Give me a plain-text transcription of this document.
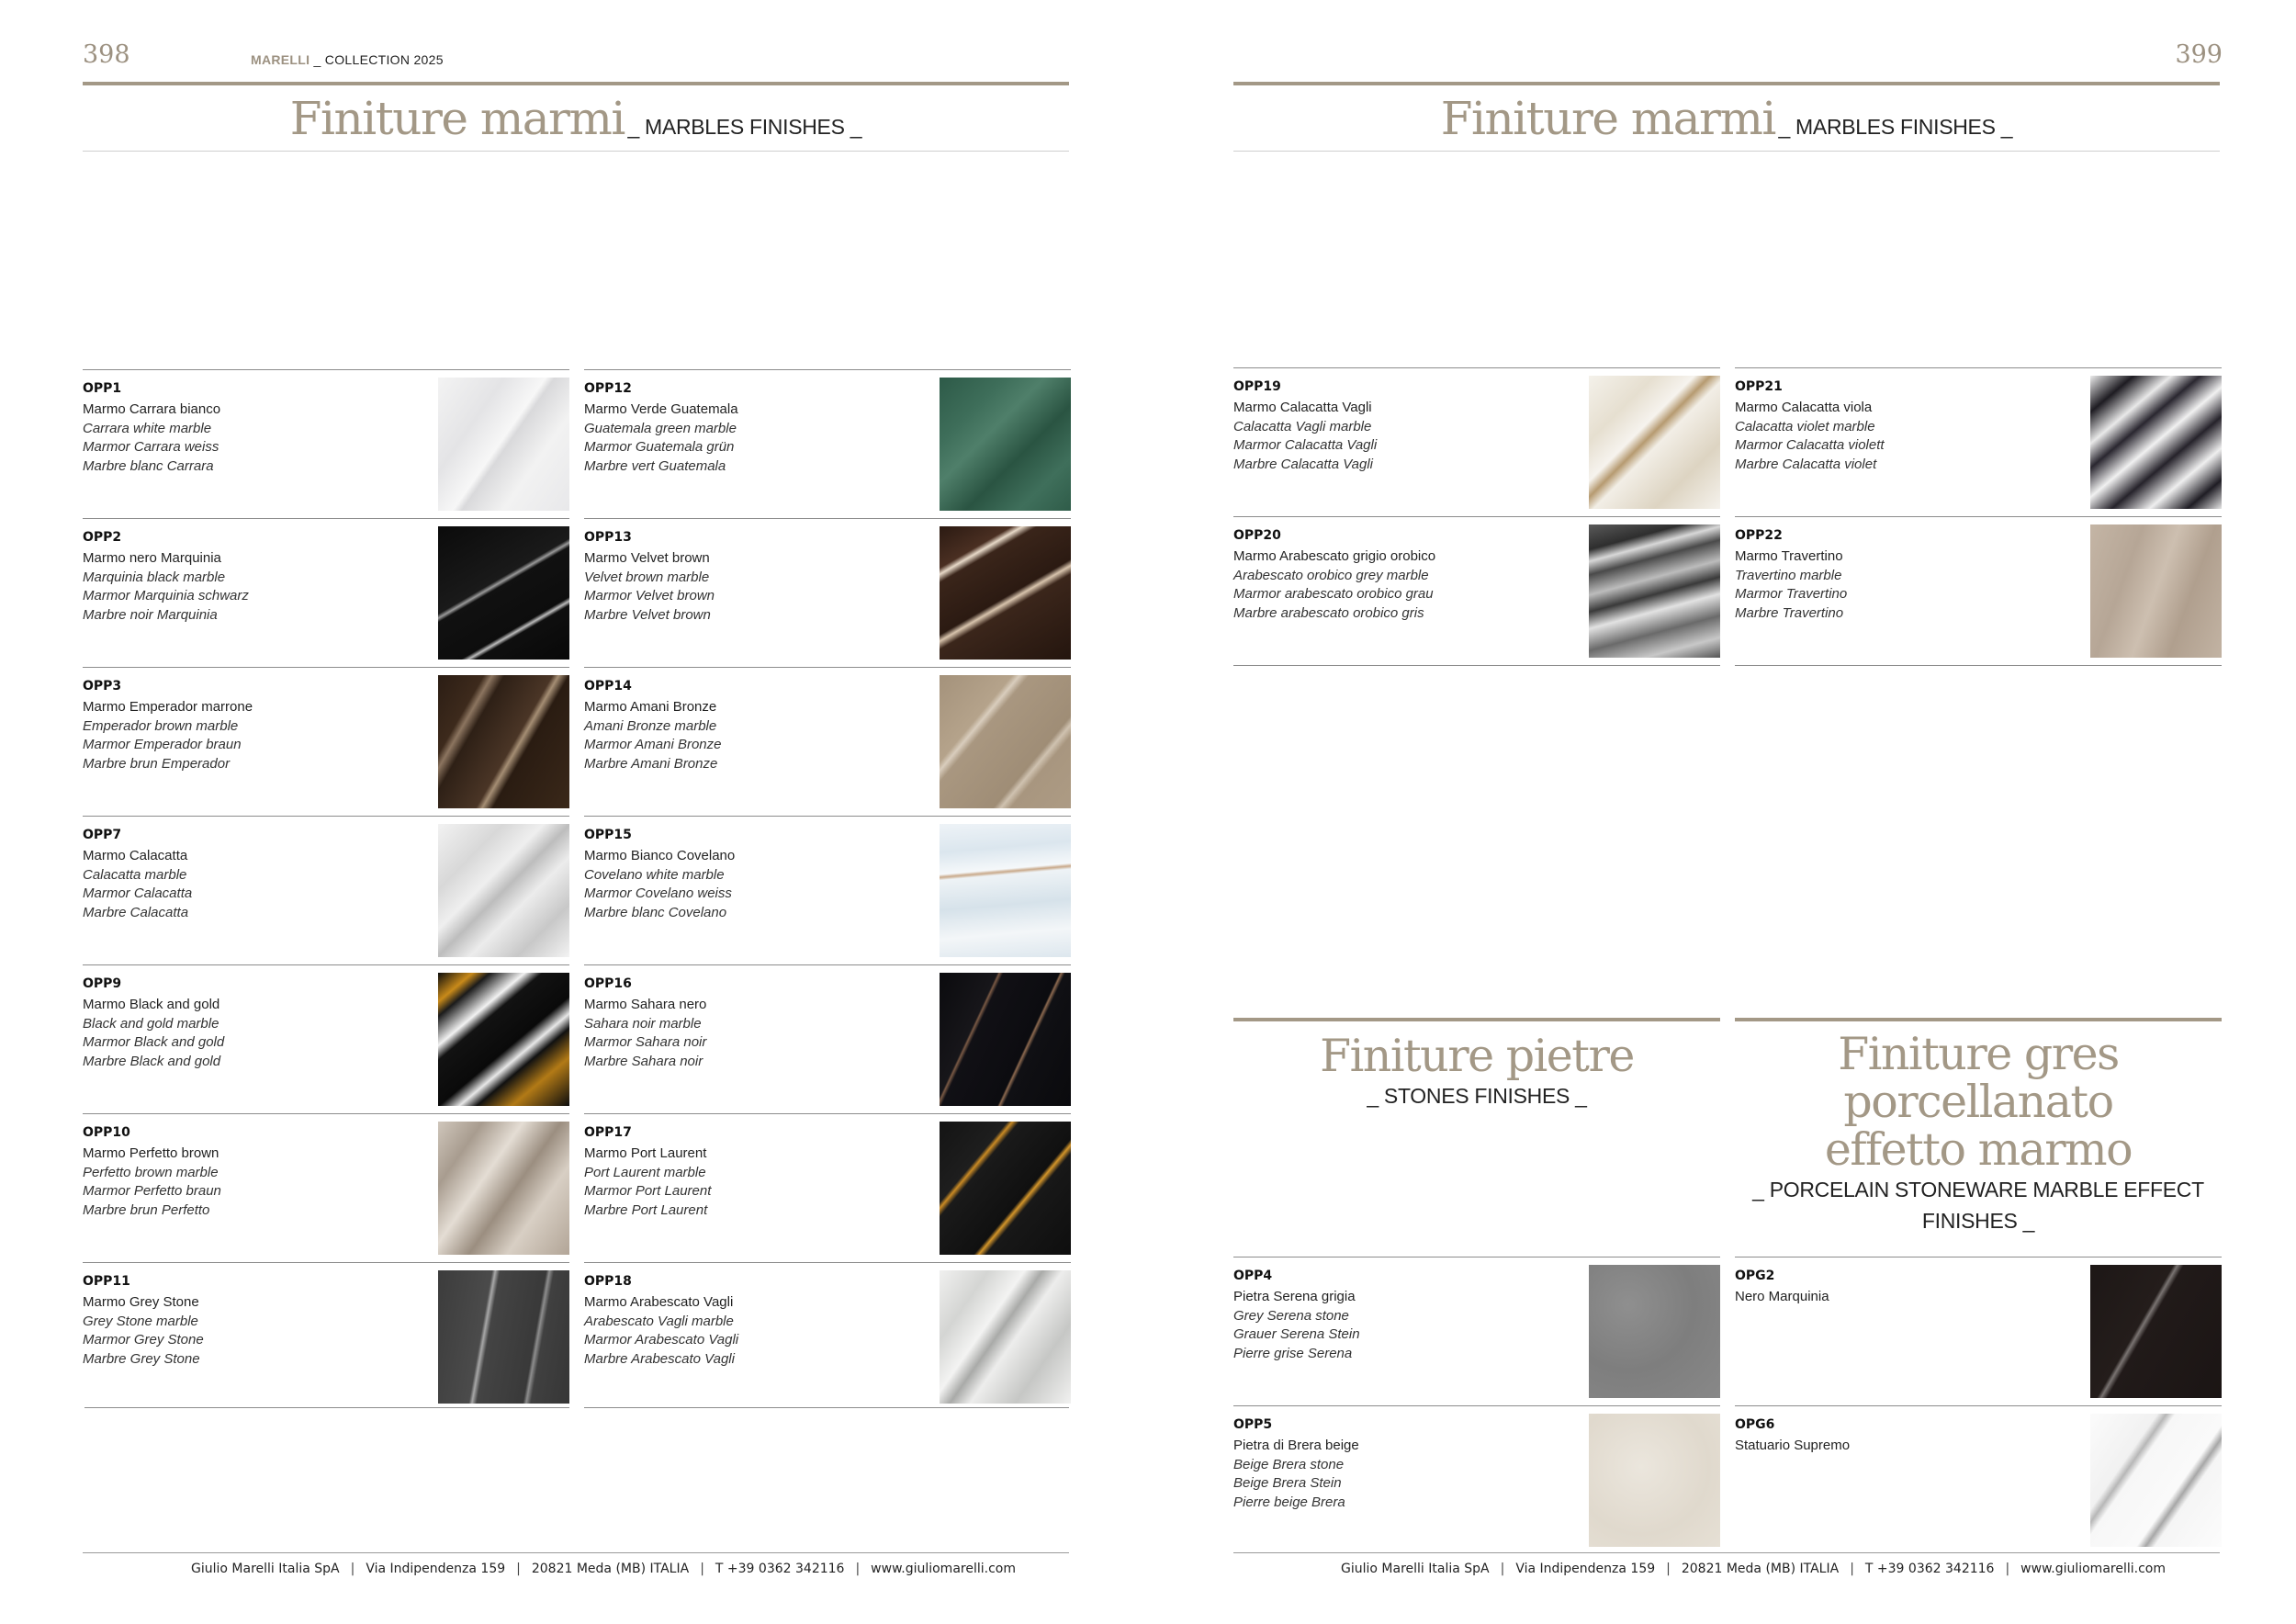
398	MARELLI _ COLLECTION 2025
Finiture marmi _ MARBLES FINISHES _
OPP1
Marmo Carrara bianco
Carrara white marble
Marmor Carrara weiss
Marbre blanc Carrara
OPP2
Marmo nero Marquinia
Marquinia black marble
Marmor Marquinia schwarz
Marbre noir Marquinia
OPP3
Marmo Emperador marrone
Emperador brown marble
Marmor Emperador braun
Marbre brun Emperador
OPP7
Marmo Calacatta
Calacatta marble
Marmor Calacatta
Marbre Calacatta
OPP9
Marmo Black and gold
Black and gold marble
Marmor Black and gold
Marbre Black and gold
OPP10
Marmo Perfetto brown
Perfetto brown marble
Marmor Perfetto braun
Marbre brun Perfetto
OPP11
Marmo Grey Stone
Grey Stone marble
Marmor Grey Stone
Marbre Grey Stone
OPP12
Marmo Verde Guatemala
Guatemala green marble
Marmor Guatemala grün
Marbre vert Guatemala
OPP13
Marmo Velvet brown
Velvet brown marble
Marmor Velvet brown
Marbre Velvet brown
OPP14
Marmo Amani Bronze
Amani Bronze marble
Marmor Amani Bronze
Marbre Amani Bronze
OPP15
Marmo Bianco Covelano
Covelano white marble
Marmor Covelano weiss
Marbre blanc Covelano
OPP16
Marmo Sahara nero
Sahara noir marble
Marmor Sahara noir
Marbre Sahara noir
OPP17
Marmo Port Laurent
Port Laurent marble
Marmor Port Laurent
Marbre Port Laurent
OPP18
Marmo Arabescato Vagli
Arabescato Vagli marble
Marmor Arabescato Vagli
Marbre Arabescato Vagli
Giulio Marelli Italia SpA | Via Indipendenza 159 | 20821 Meda (MB) ITALIA | T +39 0362 342116 | www.giuliomarelli.com
399
Finiture marmi _ MARBLES FINISHES _
OPP19
Marmo Calacatta Vagli
Calacatta Vagli marble
Marmor Calacatta Vagli
Marbre Calacatta Vagli
OPP20
Marmo Arabescato grigio orobico
Arabescato orobico grey marble
Marmor arabescato orobico grau
Marbre arabescato orobico gris
OPP21
Marmo Calacatta viola
Calacatta violet marble
Marmor Calacatta violett
Marbre Calacatta violet
OPP22
Marmo Travertino
Travertino marble
Marmor Travertino
Marbre Travertino
Finiture pietre
_ STONES FINISHES _
OPP4
Pietra Serena grigia
Grey Serena stone
Grauer Serena Stein
Pierre grise Serena
OPP5
Pietra di Brera beige
Beige Brera stone
Beige Brera Stein
Pierre beige Brera
Finiture gres porcellanato
effetto marmo
_ PORCELAIN STONEWARE MARBLE EFFECT FINISHES _
OPG2
Nero Marquinia
OPG6
Statuario Supremo
Giulio Marelli Italia SpA | Via Indipendenza 159 | 20821 Meda (MB) ITALIA | T +39 0362 342116 | www.giuliomarelli.com
